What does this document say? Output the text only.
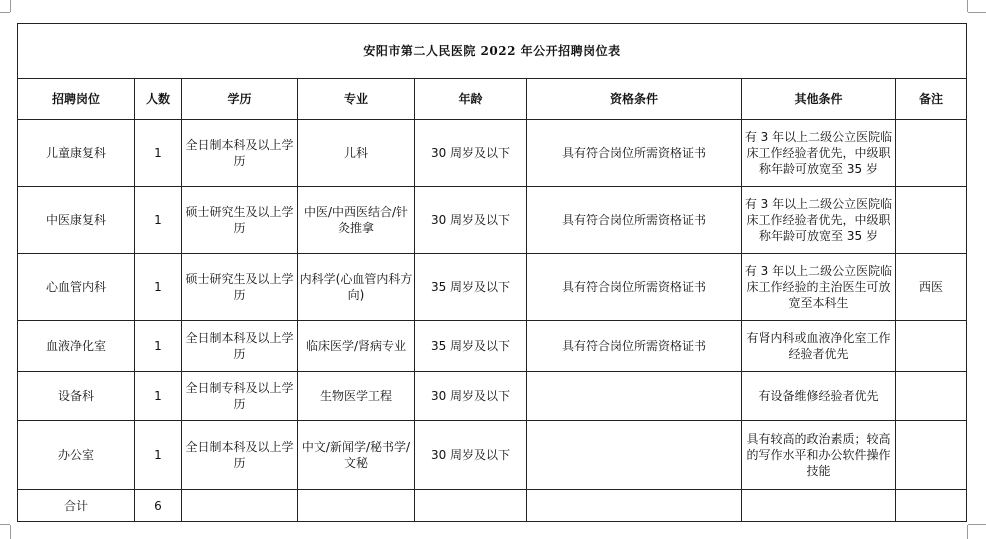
安阳市第二人民医院 2022 年公开招聘岗位表							
招聘岗位	人数	学历	专业	年龄	资格条件	其他条件	备注
儿童康复科	1	全日制本科及以上学历	儿科	30 周岁及以下	具有符合岗位所需资格证书	有 3 年以上二级公立医院临床工作经验者优先，中级职称年龄可放宽至 35 岁	
中医康复科	1	硕士研究生及以上学历	中医/中西医结合/针灸推拿	30 周岁及以下	具有符合岗位所需资格证书	有 3 年以上二级公立医院临床工作经验者优先，中级职称年龄可放宽至 35 岁	
心血管内科	1	硕士研究生及以上学历	内科学(心血管内科方向)	35 周岁及以下	具有符合岗位所需资格证书	有 3 年以上二级公立医院临床工作经验的主治医生可放宽至本科生	西医
血液净化室	1	全日制本科及以上学历	临床医学/肾病专业	35 周岁及以下	具有符合岗位所需资格证书	有肾内科或血液净化室工作经验者优先	
设备科	1	全日制专科及以上学历	生物医学工程	30 周岁及以下		有设备维修经验者优先	
办公室	1	全日制本科及以上学历	中文/新闻学/秘书学/文秘	30 周岁及以下		具有较高的政治素质；较高的写作水平和办公软件操作技能	
合计	6						
